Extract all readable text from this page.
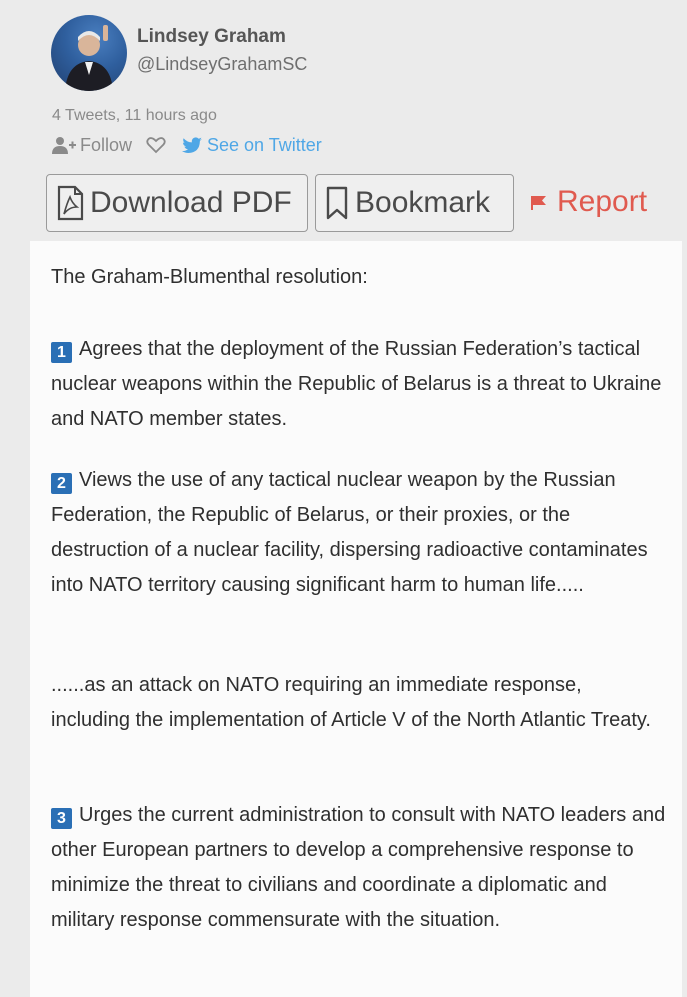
Lindsey Graham
@LindseyGrahamSC
4 Tweets, 11 hours ago
Follow	See on Twitter
Download PDF Bookmark Report
The Graham-Blumenthal resolution:
1 Agrees that the deployment of the Russian Federation’s tactical nuclear weapons within the Republic of Belarus is a threat to Ukraine and NATO member states.
2 Views the use of any tactical nuclear weapon by the Russian Federation, the Republic of Belarus, or their proxies, or the destruction of a nuclear facility, dispersing radioactive contaminates into NATO territory causing significant harm to human life.....
......as an attack on NATO requiring an immediate response, including the implementation of Article V of the North Atlantic Treaty.
3 Urges the current administration to consult with NATO leaders and other European partners to develop a comprehensive response to minimize the threat to civilians and coordinate a diplomatic and military response commensurate with the situation.
